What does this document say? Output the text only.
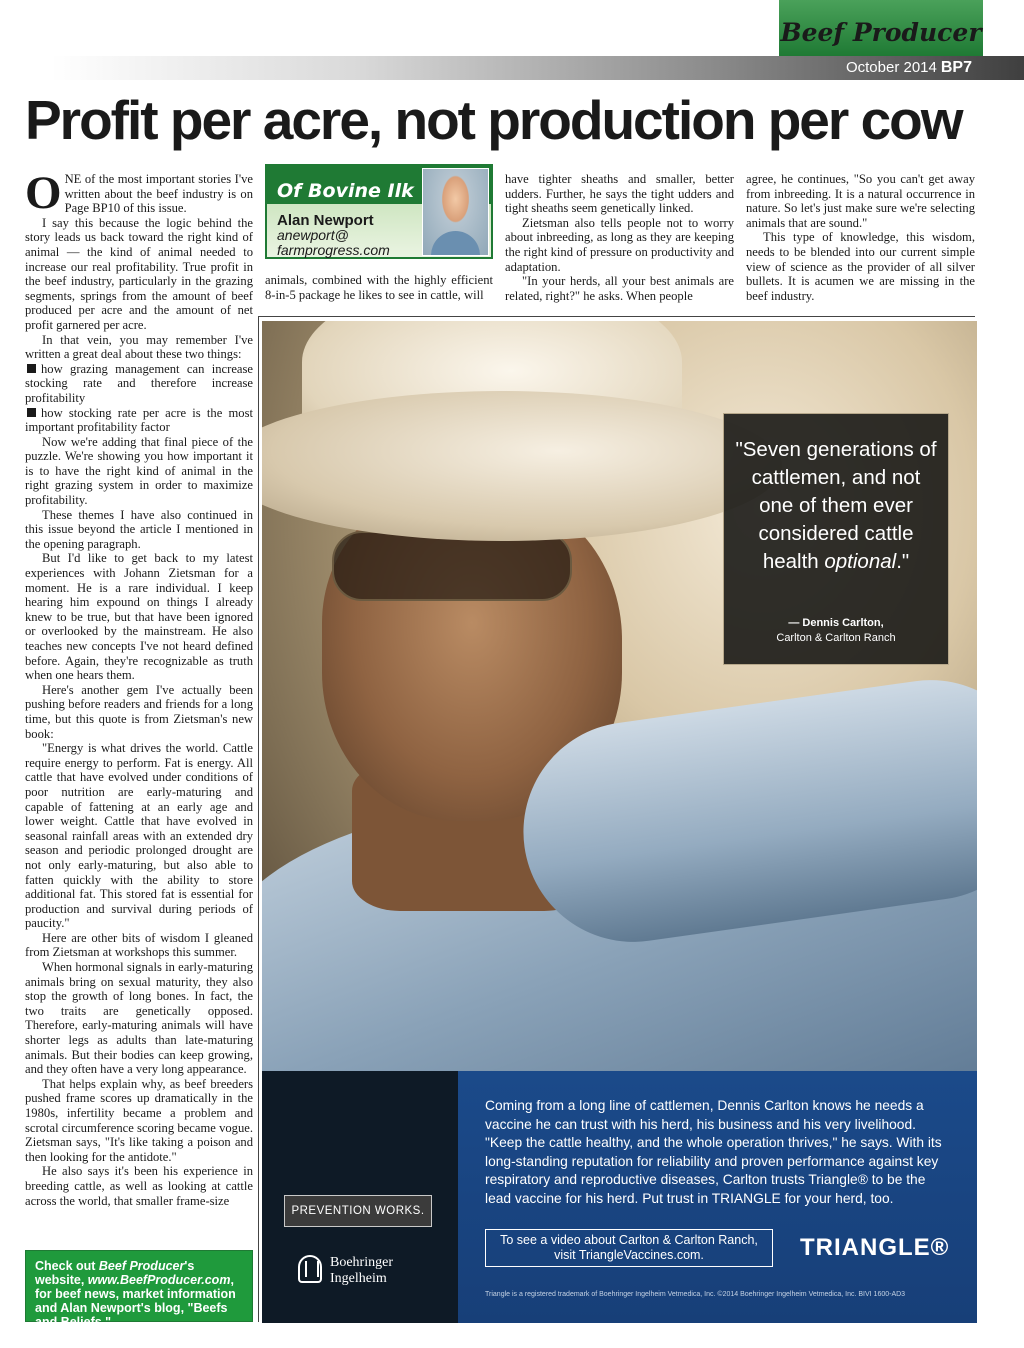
Beef Producer
October 2014 BP7
Profit per acre, not production per cow

ONE of the most important stories I've written about the beef industry is on Page BP10 of this issue.

I say this because the logic behind the story leads us back toward the right kind of animal — the kind of animal needed to increase our real profitability. True profit in the beef industry, particularly in the grazing segments, springs from the amount of beef produced per acre and the amount of net profit garnered per acre.

In that vein, you may remember I've written a great deal about these two things:

how grazing management can increase stocking rate and therefore increase profitability

how stocking rate per acre is the most important profitability factor

Now we're adding that final piece of the puzzle. We're showing you how important it is to have the right kind of animal in the right grazing system in order to maximize profitability.

These themes I have also continued in this issue beyond the article I mentioned in the opening paragraph.

But I'd like to get back to my latest experiences with Johann Zietsman for a moment. He is a rare individual. I keep hearing him expound on things I already knew to be true, but that have been ignored or overlooked by the mainstream. He also teaches new concepts I've not heard defined before. Again, they're recognizable as truth when one hears them.

Here's another gem I've actually been pushing before readers and friends for a long time, but this quote is from Zietsman's new book:

"Energy is what drives the world. Cattle require energy to perform. Fat is energy. All cattle that have evolved under conditions of poor nutrition are early-maturing and capable of fattening at an early age and lower weight. Cattle that have evolved in seasonal rainfall areas with an extended dry season and periodic prolonged drought are not only early-maturing, but also able to fatten quickly with the ability to store additional fat. This stored fat is essential for production and survival during periods of paucity."

Here are other bits of wisdom I gleaned from Zietsman at workshops this summer.

When hormonal signals in early-maturing animals bring on sexual maturity, they also stop the growth of long bones. In fact, the two traits are genetically opposed. Therefore, early-maturing animals will have shorter legs as adults than late-maturing animals. But their bodies can keep growing, and they often have a very long appearance.

That helps explain why, as beef breeders pushed frame scores up dramatically in the 1980s, infertility became a problem and scrotal circumference scoring became vogue. Zietsman says, "It's like taking a poison and then looking for the antidote."

He also says it's been his experience in breeding cattle, as well as looking at cattle across the world, that smaller frame-size

Of Bovine Ilk
Alan Newport
anewport@
farmprogress.com

animals, combined with the highly efficient 8-in-5 package he likes to see in cattle, will

have tighter sheaths and smaller, better udders. Further, he says the tight udders and tight sheaths seem genetically linked.

Zietsman also tells people not to worry about inbreeding, as long as they are keeping the right kind of pressure on productivity and adaptation.

"In your herds, all your best animals are related, right?" he asks. When people

agree, he continues, "So you can't get away from inbreeding. It is a natural occurrence in nature. So let's just make sure we're selecting animals that are sound."

This type of knowledge, this wisdom, needs to be blended into our current simple view of science as the provider of all silver bullets. It is acumen we are missing in the beef industry.

Check out Beef Producer's website, www.BeefProducer.com, for beef news, market information and Alan Newport's blog, "Beefs and Beliefs."
"Seven generations of cattlemen, and not one of them ever considered cattle health optional."
— Dennis Carlton,
Carlton & Carlton Ranch
PREVENTION WORKS.
Boehringer
Ingelheim
Coming from a long line of cattlemen, Dennis Carlton knows he needs a vaccine he can trust with his herd, his business and his very livelihood. "Keep the cattle healthy, and the whole operation thrives," he says. With its long-standing reputation for reliability and proven performance against key respiratory and reproductive diseases, Carlton trusts Triangle® to be the lead vaccine for his herd. Put trust in TRIANGLE for your herd, too.
To see a video about Carlton & Carlton Ranch,
visit TriangleVaccines.com.	TRIANGLE®
Triangle is a registered trademark of Boehringer Ingelheim Vetmedica, Inc. ©2014 Boehringer Ingelheim Vetmedica, Inc. BIVI 1600-AD3
